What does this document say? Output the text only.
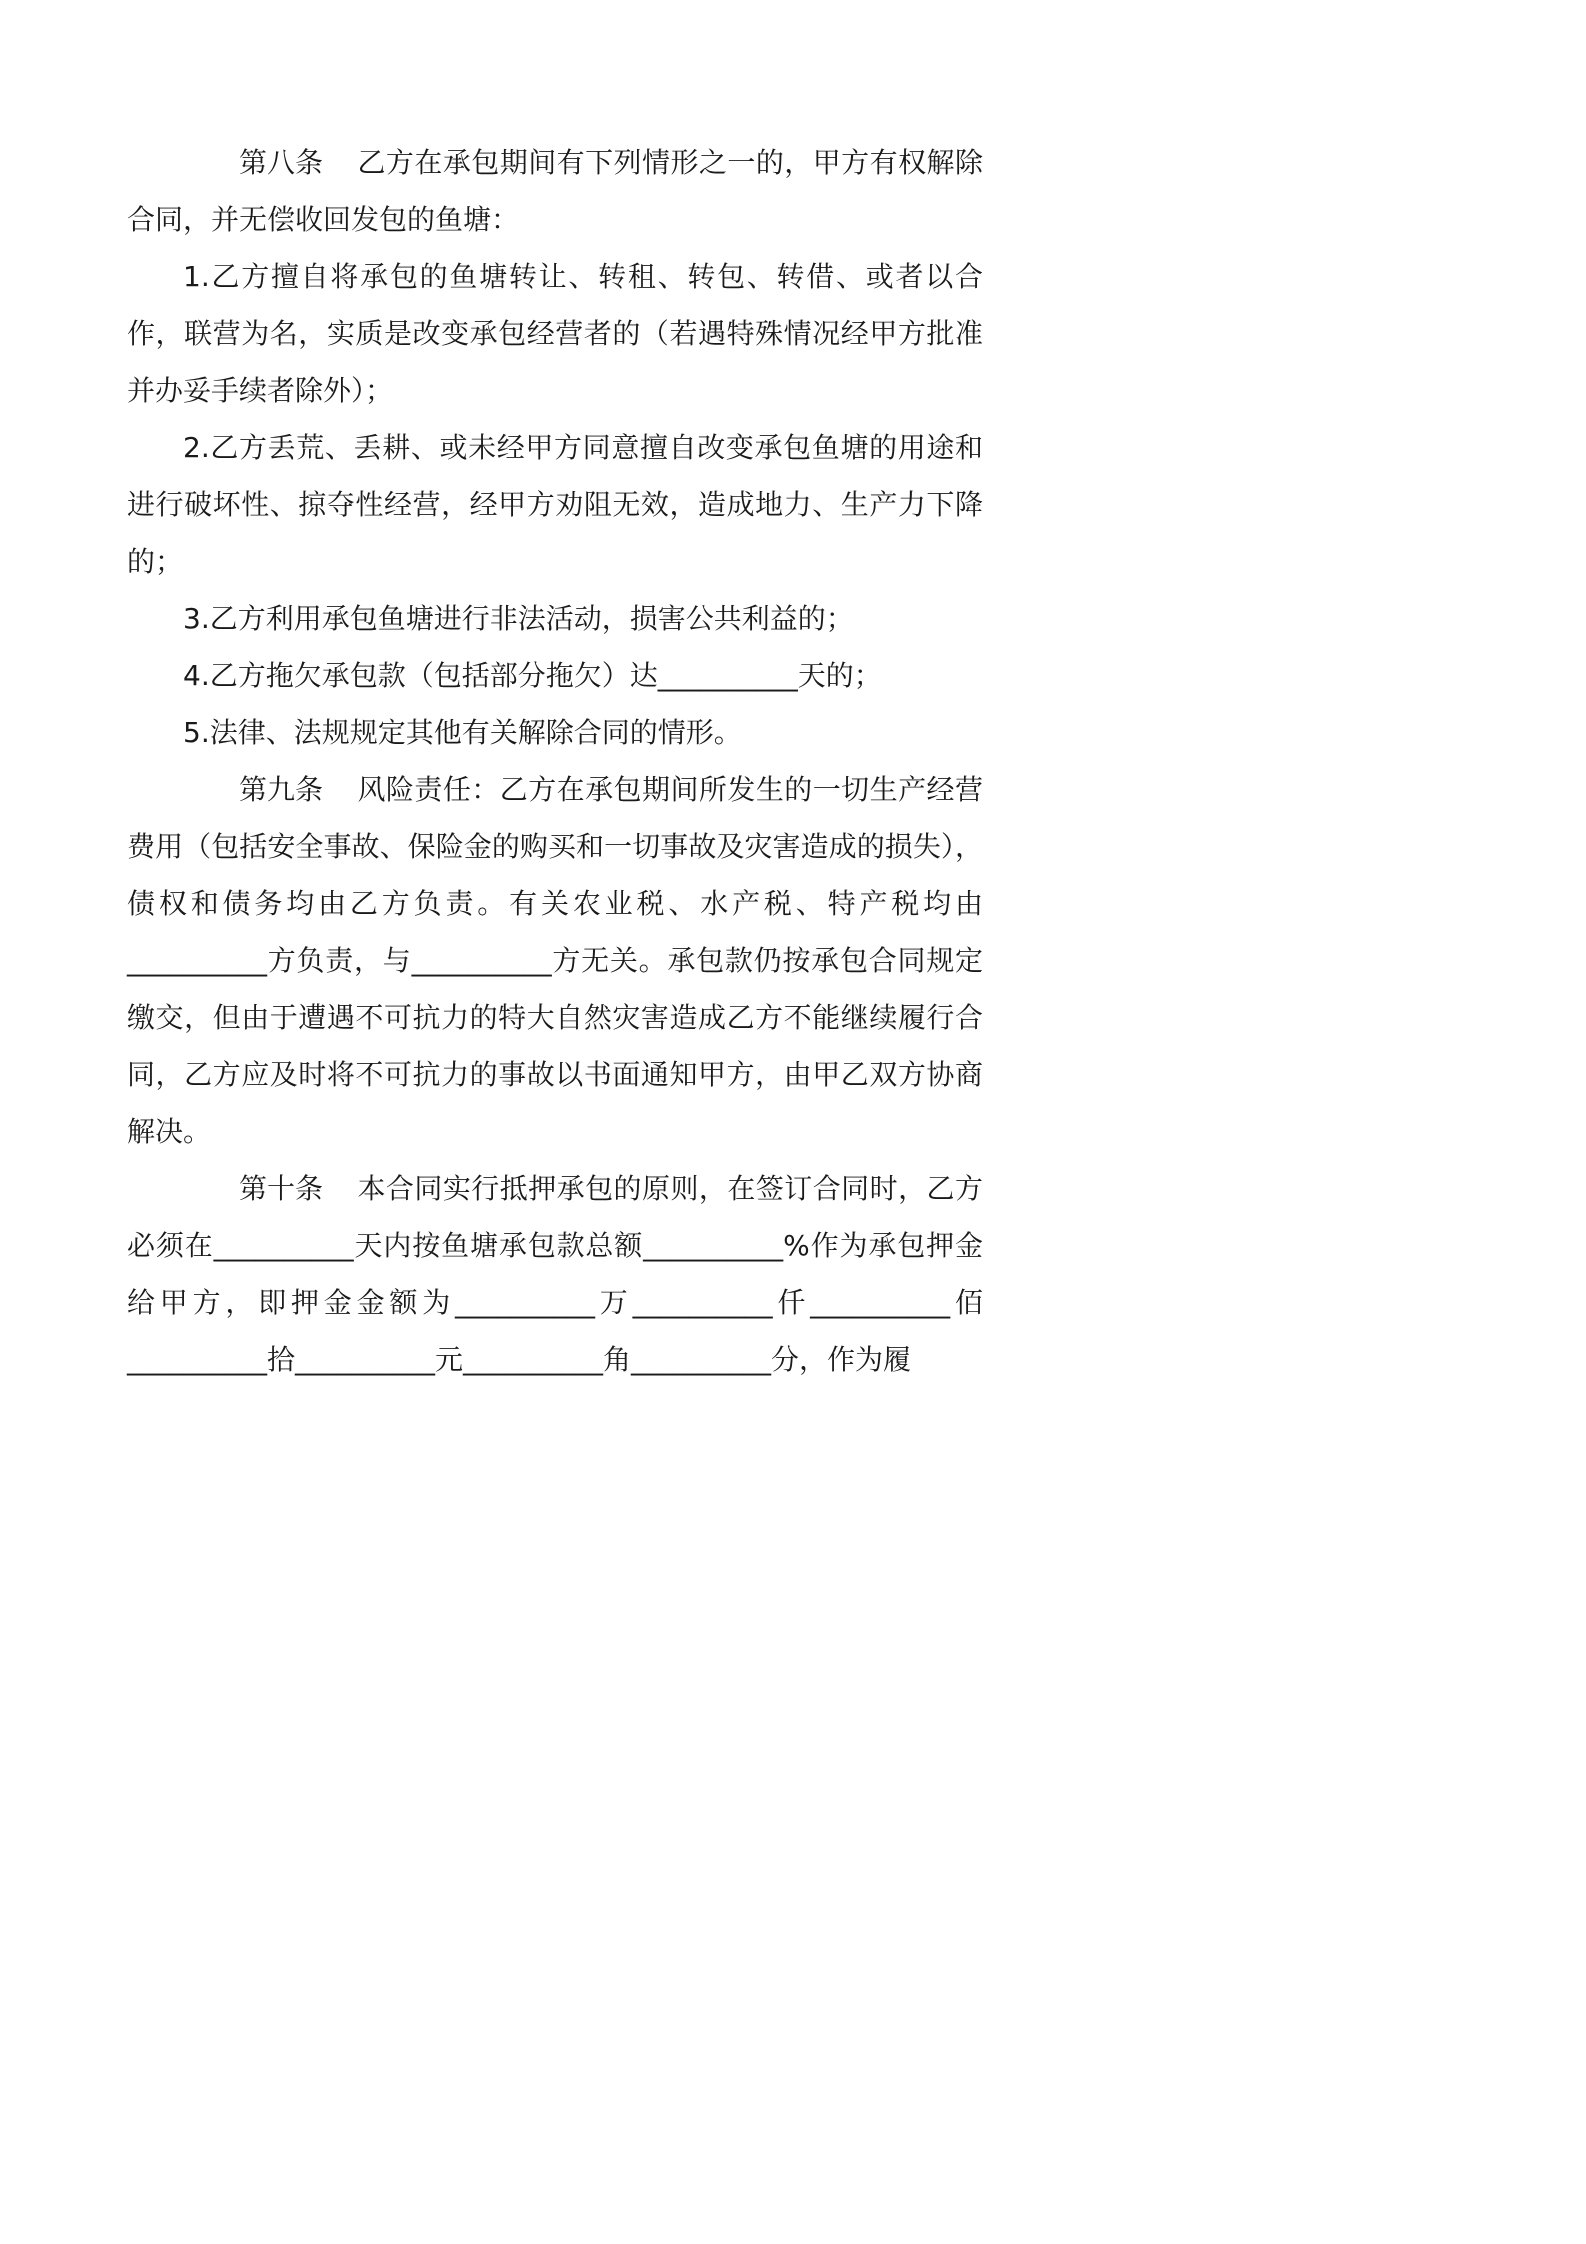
第八条 乙方在承包期间有下列情形之一的，甲方有权解除合同，并无偿收回发包的鱼塘：

1.乙方擅自将承包的鱼塘转让、转租、转包、转借、或者以合作，联营为名，实质是改变承包经营者的（若遇特殊情况经甲方批准并办妥手续者除外）；

2.乙方丢荒、丢耕、或未经甲方同意擅自改变承包鱼塘的用途和进行破坏性、掠夺性经营，经甲方劝阻无效，造成地力、生产力下降的；

3.乙方利用承包鱼塘进行非法活动，损害公共利益的；

4.乙方拖欠承包款（包括部分拖欠）达__________天的；

5.法律、法规规定其他有关解除合同的情形。

第九条 风险责任：乙方在承包期间所发生的一切生产经营费用（包括安全事故、保险金的购买和一切事故及灾害造成的损失），债权和债务均由乙方负责。有关农业税、水产税、特产税均由__________方负责，与__________方无关。承包款仍按承包合同规定缴交，但由于遭遇不可抗力的特大自然灾害造成乙方不能继续履行合同，乙方应及时将不可抗力的事故以书面通知甲方，由甲乙双方协商解决。

第十条 本合同实行抵押承包的原则，在签订合同时，乙方必须在__________天内按鱼塘承包款总额__________%作为承包押金给甲方，即押金金额为__________万__________仟__________佰__________拾__________元__________角__________分，作为履
